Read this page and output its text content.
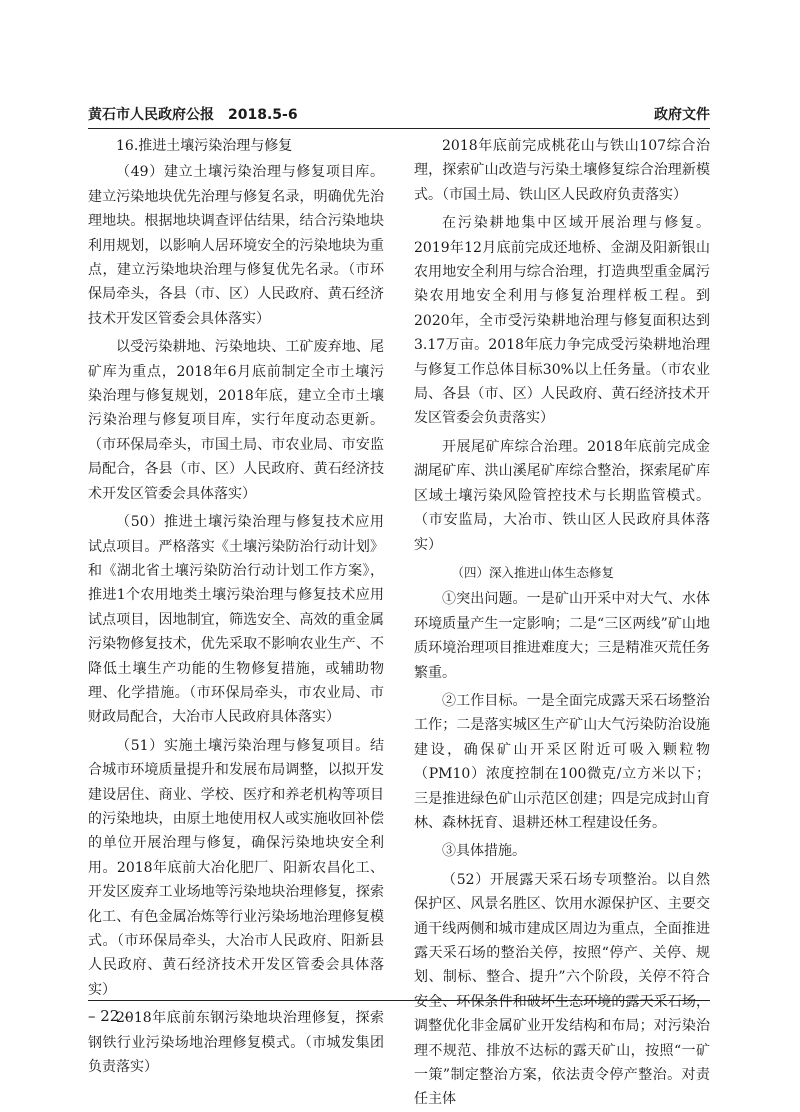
黄石市人民政府公报　2018.5-6	政府文件
16.推进土壤污染治理与修复

（49）建立土壤污染治理与修复项目库。建立污染地块优先治理与修复名录，明确优先治理地块。根据地块调查评估结果，结合污染地块利用规划，以影响人居环境安全的污染地块为重点，建立污染地块治理与修复优先名录。（市环保局牵头，各县（市、区）人民政府、黄石经济技术开发区管委会具体落实）

以受污染耕地、污染地块、工矿废弃地、尾矿库为重点，2018年6月底前制定全市土壤污染治理与修复规划，2018年底，建立全市土壤污染治理与修复项目库，实行年度动态更新。（市环保局牵头，市国土局、市农业局、市安监局配合，各县（市、区）人民政府、黄石经济技术开发区管委会具体落实）

（50）推进土壤污染治理与修复技术应用试点项目。严格落实《土壤污染防治行动计划》和《湖北省土壤污染防治行动计划工作方案》，推进1个农用地类土壤污染治理与修复技术应用试点项目，因地制宜，筛选安全、高效的重金属污染物修复技术，优先采取不影响农业生产、不降低土壤生产功能的生物修复措施，或辅助物理、化学措施。（市环保局牵头，市农业局、市财政局配合，大冶市人民政府具体落实）

（51）实施土壤污染治理与修复项目。结合城市环境质量提升和发展布局调整，以拟开发建设居住、商业、学校、医疗和养老机构等项目的污染地块，由原土地使用权人或实施收回补偿的单位开展治理与修复，确保污染地块安全利用。2018年底前大冶化肥厂、阳新农昌化工、开发区废弃工业场地等污染地块治理修复，探索化工、有色金属冶炼等行业污染场地治理修复模式。（市环保局牵头，大冶市人民政府、阳新县人民政府、黄石经济技术开发区管委会具体落实）

2018年底前东钢污染地块治理修复，探索钢铁行业污染场地治理修复模式。（市城发集团负责落实）

2018年底前完成桃花山与铁山107综合治理，探索矿山改造与污染土壤修复综合治理新模式。（市国土局、铁山区人民政府负责落实）

在污染耕地集中区域开展治理与修复。2019年12月底前完成还地桥、金湖及阳新银山农用地安全利用与综合治理，打造典型重金属污染农用地安全利用与修复治理样板工程。到2020年，全市受污染耕地治理与修复面积达到3.17万亩。2018年底力争完成受污染耕地治理与修复工作总体目标30%以上任务量。（市农业局、各县（市、区）人民政府、黄石经济技术开发区管委会负责落实）

开展尾矿库综合治理。2018年底前完成金湖尾矿库、洪山溪尾矿库综合整治，探索尾矿库区域土壤污染风险管控技术与长期监管模式。（市安监局，大冶市、铁山区人民政府具体落实）

（四）深入推进山体生态修复

①突出问题。一是矿山开采中对大气、水体环境质量产生一定影响；二是“三区两线”矿山地质环境治理项目推进难度大；三是精准灭荒任务繁重。

②工作目标。一是全面完成露天采石场整治工作；二是落实城区生产矿山大气污染防治设施建设，确保矿山开采区附近可吸入颗粒物（PM10）浓度控制在100微克/立方米以下；三是推进绿色矿山示范区创建；四是完成封山育林、森林抚育、退耕还林工程建设任务。

③具体措施。

（52）开展露天采石场专项整治。以自然保护区、风景名胜区、饮用水源保护区、主要交通干线两侧和城市建成区周边为重点，全面推进露天采石场的整治关停，按照“停产、关停、规划、制标、整合、提升”六个阶段，关停不符合安全、环保条件和破坏生态环境的露天采石场，调整优化非金属矿业开发结构和布局；对污染治理不规范、排放不达标的露天矿山，按照“一矿一策”制定整治方案，依法责令停产整治。对责任主体

– 22 –
